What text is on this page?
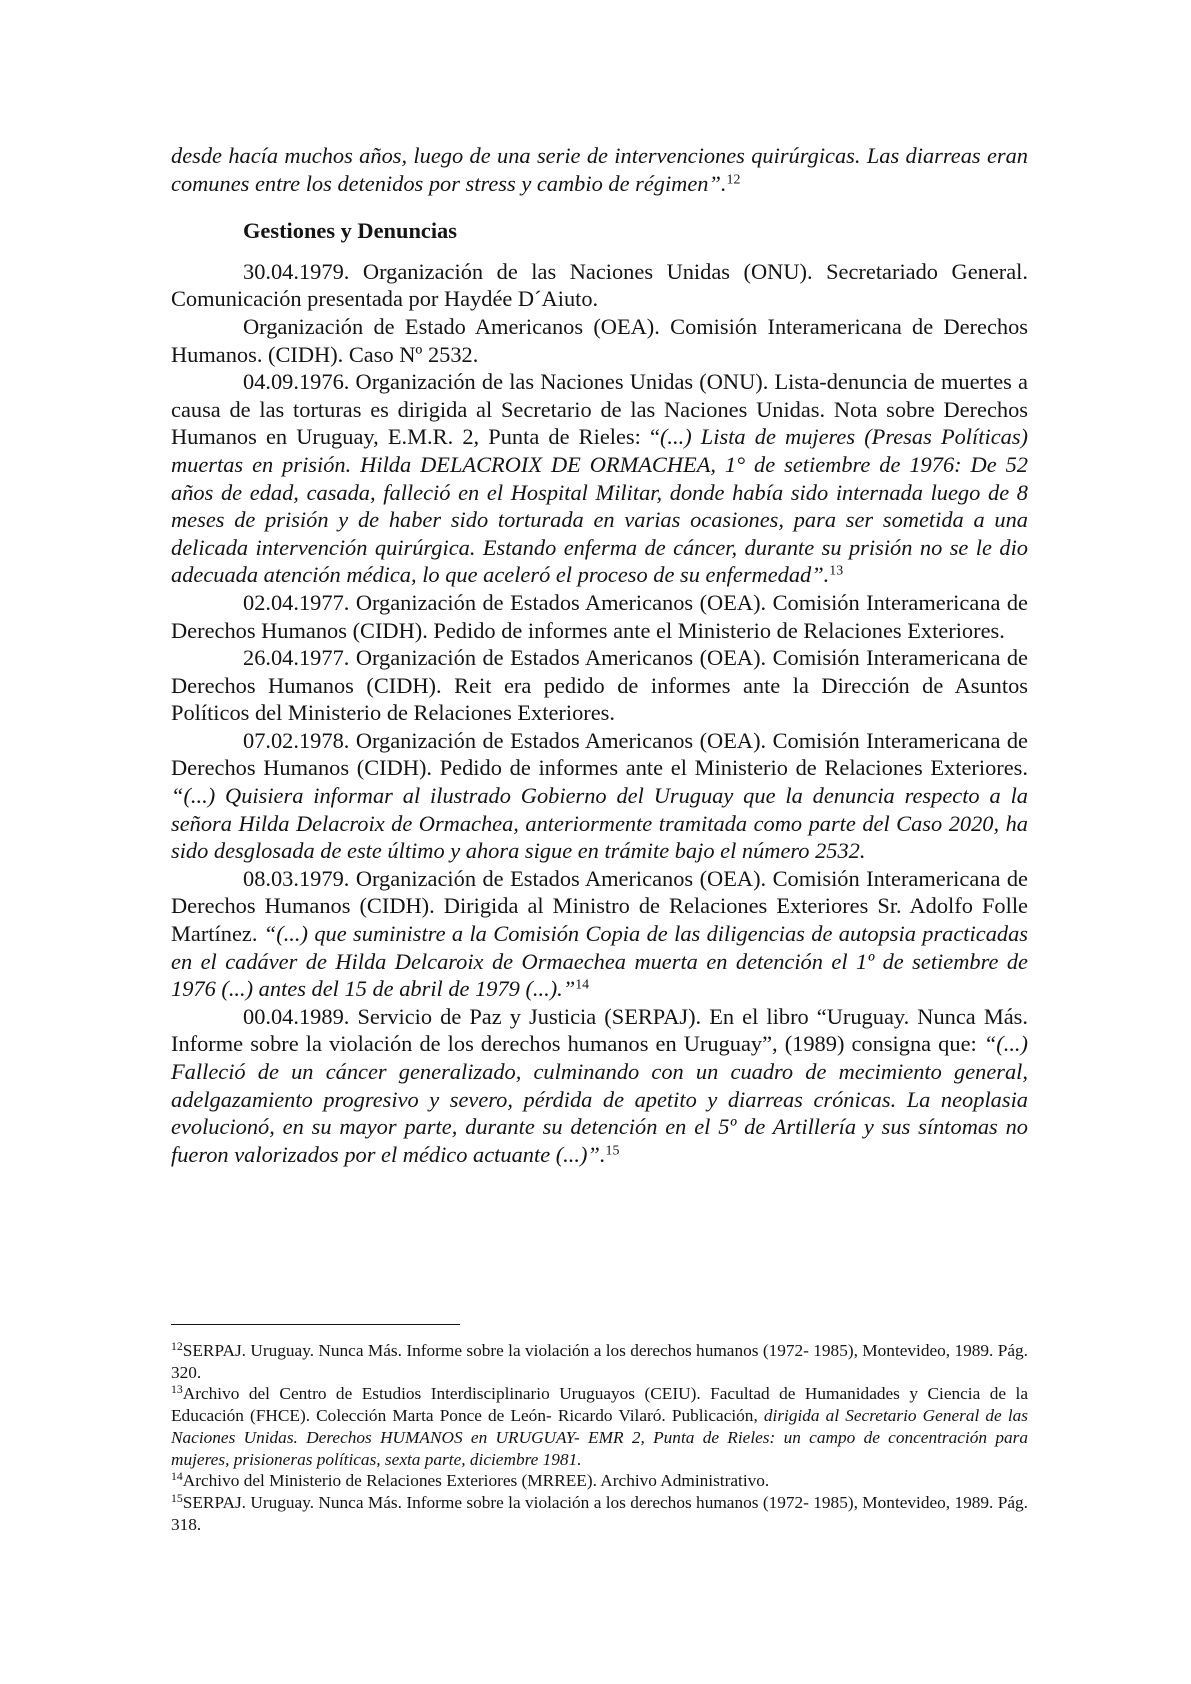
desde hacía muchos años, luego de una serie de intervenciones quirúrgicas. Las diarreas eran comunes entre los detenidos por stress y cambio de régimen”.$^{12}$

Gestiones y Denuncias

30.04.1979. Organización de las Naciones Unidas (ONU). Secretariado General. Comunicación presentada por Haydée D´Aiuto.

Organización de Estado Americanos (OEA). Comisión Interamericana de Derechos Humanos. (CIDH). Caso Nº 2532.

04.09.1976. Organización de las Naciones Unidas (ONU). Lista-denuncia de muertes a causa de las torturas es dirigida al Secretario de las Naciones Unidas. Nota sobre Derechos Humanos en Uruguay, E.M.R. 2, Punta de Rieles: “(...) Lista de mujeres (Presas Políticas) muertas en prisión. Hilda DELACROIX DE ORMACHEA, 1° de setiembre de 1976: De 52 años de edad, casada, falleció en el Hospital Militar, donde había sido internada luego de 8 meses de prisión y de haber sido torturada en varias ocasiones, para ser sometida a una delicada intervención quirúrgica. Estando enferma de cáncer, durante su prisión no se le dio adecuada atención médica, lo que aceleró el proceso de su enfermedad”.$^{13}$

02.04.1977. Organización de Estados Americanos (OEA). Comisión Interamericana de Derechos Humanos (CIDH). Pedido de informes ante el Ministerio de Relaciones Exteriores.

26.04.1977. Organización de Estados Americanos (OEA). Comisión Interamericana de Derechos Humanos (CIDH). Reit era pedido de informes ante la Dirección de Asuntos Políticos del Ministerio de Relaciones Exteriores.

07.02.1978. Organización de Estados Americanos (OEA). Comisión Interamericana de Derechos Humanos (CIDH). Pedido de informes ante el Ministerio de Relaciones Exteriores. “(...) Quisiera informar al ilustrado Gobierno del Uruguay que la denuncia respecto a la señora Hilda Delacroix de Ormachea, anteriormente tramitada como parte del Caso 2020, ha sido desglosada de este último y ahora sigue en trámite bajo el número 2532.

08.03.1979. Organización de Estados Americanos (OEA). Comisión Interamericana de Derechos Humanos (CIDH). Dirigida al Ministro de Relaciones Exteriores Sr. Adolfo Folle Martínez. “(...) que suministre a la Comisión Copia de las diligencias de autopsia practicadas en el cadáver de Hilda Delcaroix de Ormaechea muerta en detención el 1º de setiembre de 1976 (...) antes del 15 de abril de 1979 (...).”$^{14}$

00.04.1989. Servicio de Paz y Justicia (SERPAJ). En el libro “Uruguay. Nunca Más. Informe sobre la violación de los derechos humanos en Uruguay”, (1989) consigna que: “(...) Falleció de un cáncer generalizado, culminando con un cuadro de mecimiento general, adelgazamiento progresivo y severo, pérdida de apetito y diarreas crónicas. La neoplasia evolucionó, en su mayor parte, durante su detención en el 5º de Artillería y sus síntomas no fueron valorizados por el médico actuante (...)”.$^{15}$

$^{12}$SERPAJ. Uruguay. Nunca Más. Informe sobre la violación a los derechos humanos (1972- 1985), Montevideo, 1989. Pág. 320.

$^{13}$Archivo del Centro de Estudios Interdisciplinario Uruguayos (CEIU). Facultad de Humanidades y Ciencia de la Educación (FHCE). Colección Marta Ponce de León- Ricardo Vilaró. Publicación, dirigida al Secretario General de las Naciones Unidas. Derechos HUMANOS en URUGUAY- EMR 2, Punta de Rieles: un campo de concentración para mujeres, prisioneras políticas, sexta parte, diciembre 1981.

$^{14}$Archivo del Ministerio de Relaciones Exteriores (MRREE). Archivo Administrativo.

$^{15}$SERPAJ. Uruguay. Nunca Más. Informe sobre la violación a los derechos humanos (1972- 1985), Montevideo, 1989. Pág. 318.
